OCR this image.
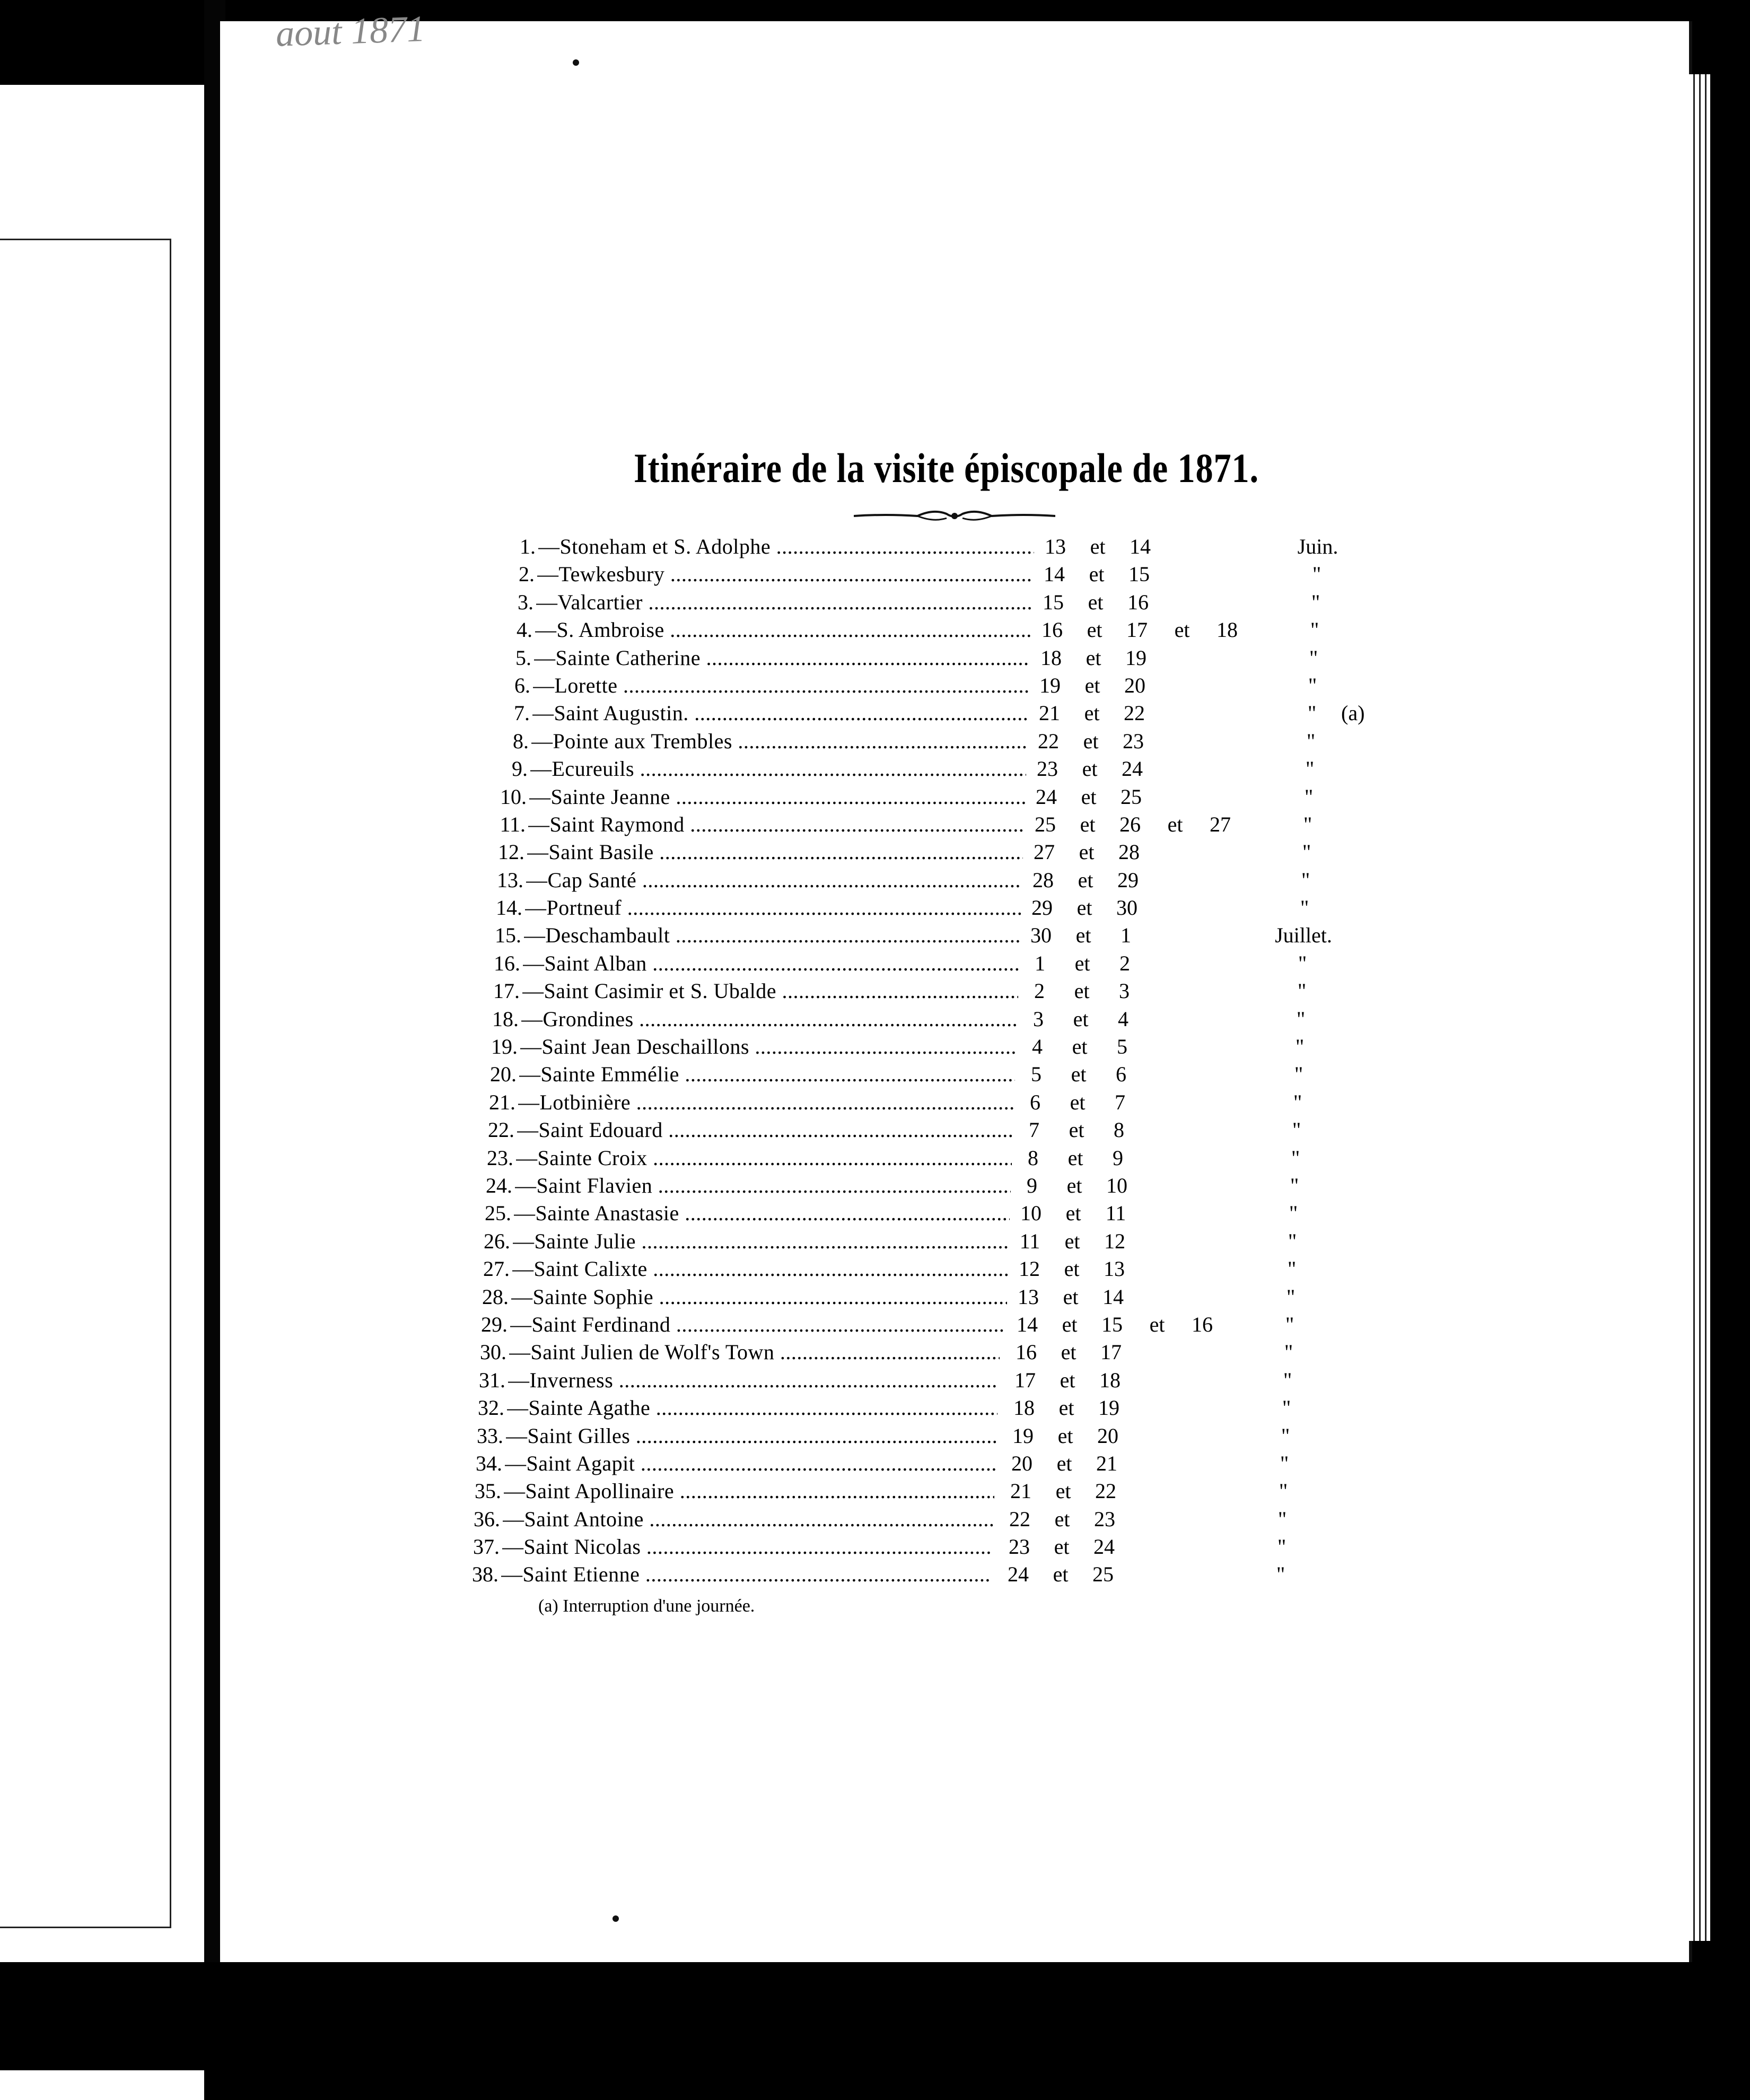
aout 1871
Itinéraire de la visite épiscopale de 1871.
1. —Stoneham et S. Adolphe .....	13	et	14	Juin.
2. —Tewkesbury .....	14	et	15	"
3. —Valcartier .....	15	et	16	"
4. —S. Ambroise .....	16	et	17	et	18	"
5. —Sainte Catherine .....	18	et	19	"
6. —Lorette .....	19	et	20	"
7. —Saint Augustin. .....	21	et	22	"	(a)
8. —Pointe aux Trembles .....	22	et	23	"
9. —Ecureuils .....	23	et	24	"
10. —Sainte Jeanne .....	24	et	25	"
11. —Saint Raymond .....	25	et	26	et	27	"
12. —Saint Basile .....	27	et	28	"
13. —Cap Santé .....	28	et	29	"
14. —Portneuf .....	29	et	30	"
15. —Deschambault .....	30	et	1	Juillet.
16. —Saint Alban .....	1	et	2	"
17. —Saint Casimir et S. Ubalde .....	2	et	3	"
18. —Grondines .....	3	et	4	"
19. —Saint Jean Deschaillons .....	4	et	5	"
20. —Sainte Emmélie .....	5	et	6	"
21. —Lotbinière .....	6	et	7	"
22. —Saint Edouard .....	7	et	8	"
23. —Sainte Croix .....	8	et	9	"
24. —Saint Flavien .....	9	et	10	"
25. —Sainte Anastasie .....	10	et	11	"
26. —Sainte Julie .....	11	et	12	"
27. —Saint Calixte .....	12	et	13	"
28. —Sainte Sophie .....	13	et	14	"
29. —Saint Ferdinand .....	14	et	15	et	16	"
30. —Saint Julien de Wolf's Town .....	16	et	17	"
31. —Inverness .....	17	et	18	"
32. —Sainte Agathe .....	18	et	19	"
33. —Saint Gilles .....	19	et	20	"
34. —Saint Agapit .....	20	et	21	"
35. —Saint Apollinaire .....	21	et	22	"
36. —Saint Antoine .....	22	et	23	"
37. —Saint Nicolas .....	23	et	24	"
38. —Saint Etienne .....	24	et	25	"
(a) Interruption d'une journée.
